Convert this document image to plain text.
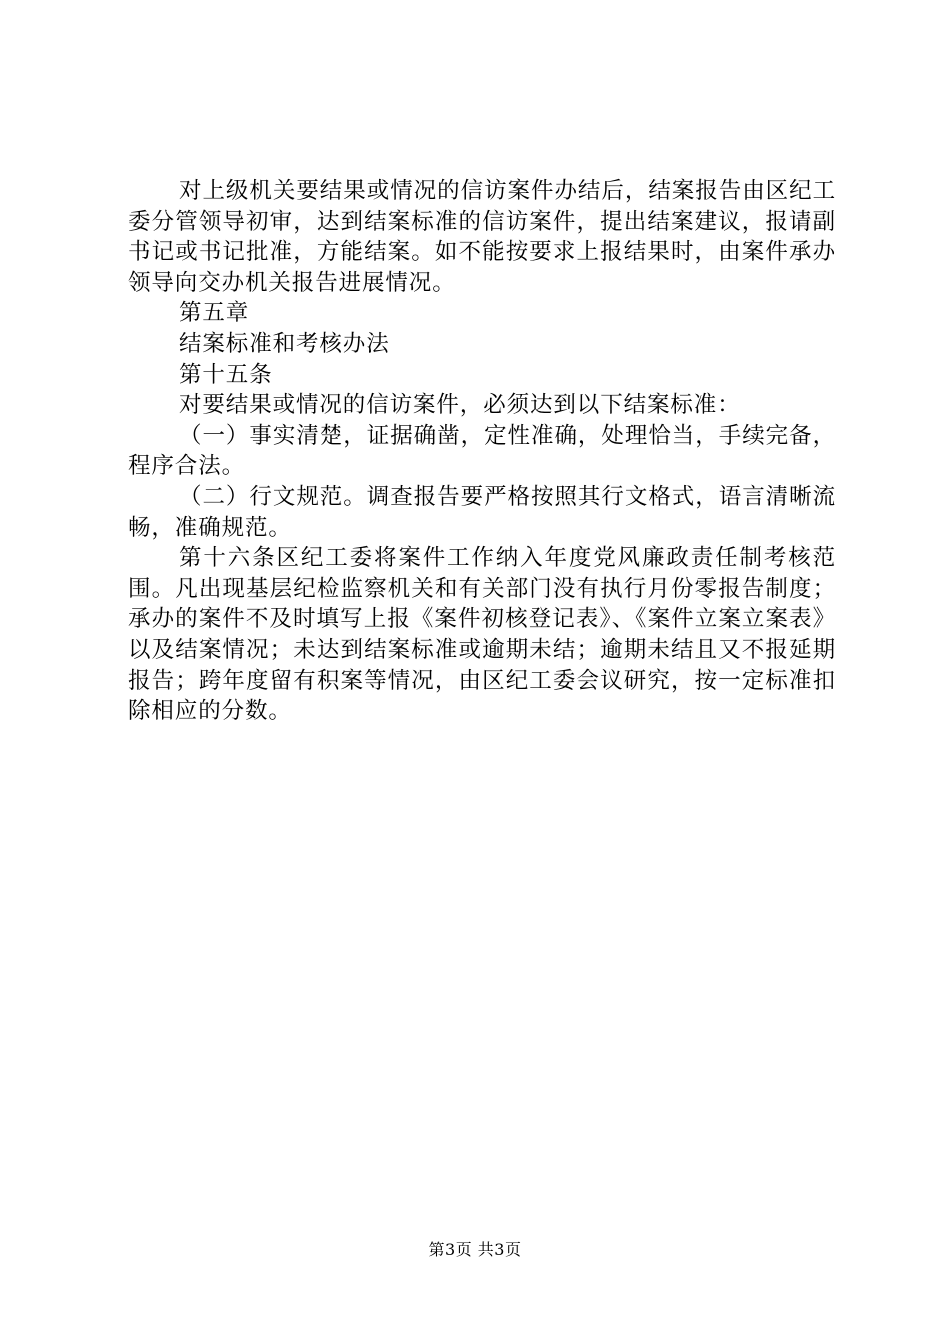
对上级机关要结果或情况的信访案件办结后，结案报告由区纪工委分管领导初审，达到结案标准的信访案件，提出结案建议，报请副书记或书记批准，方能结案。如不能按要求上报结果时，由案件承办领导向交办机关报告进展情况。

第五章

结案标准和考核办法

第十五条

对要结果或情况的信访案件，必须达到以下结案标准：

（一）事实清楚，证据确凿，定性准确，处理恰当，手续完备，程序合法。

（二）行文规范。调查报告要严格按照其行文格式，语言清晰流畅，准确规范。

第十六条区纪工委将案件工作纳入年度党风廉政责任制考核范围。凡出现基层纪检监察机关和有关部门没有执行月份零报告制度；承办的案件不及时填写上报《案件初核登记表》、《案件立案立案表》以及结案情况；未达到结案标准或逾期未结；逾期未结且又不报延期报告；跨年度留有积案等情况，由区纪工委会议研究，按一定标准扣除相应的分数。

第3页 共3页
